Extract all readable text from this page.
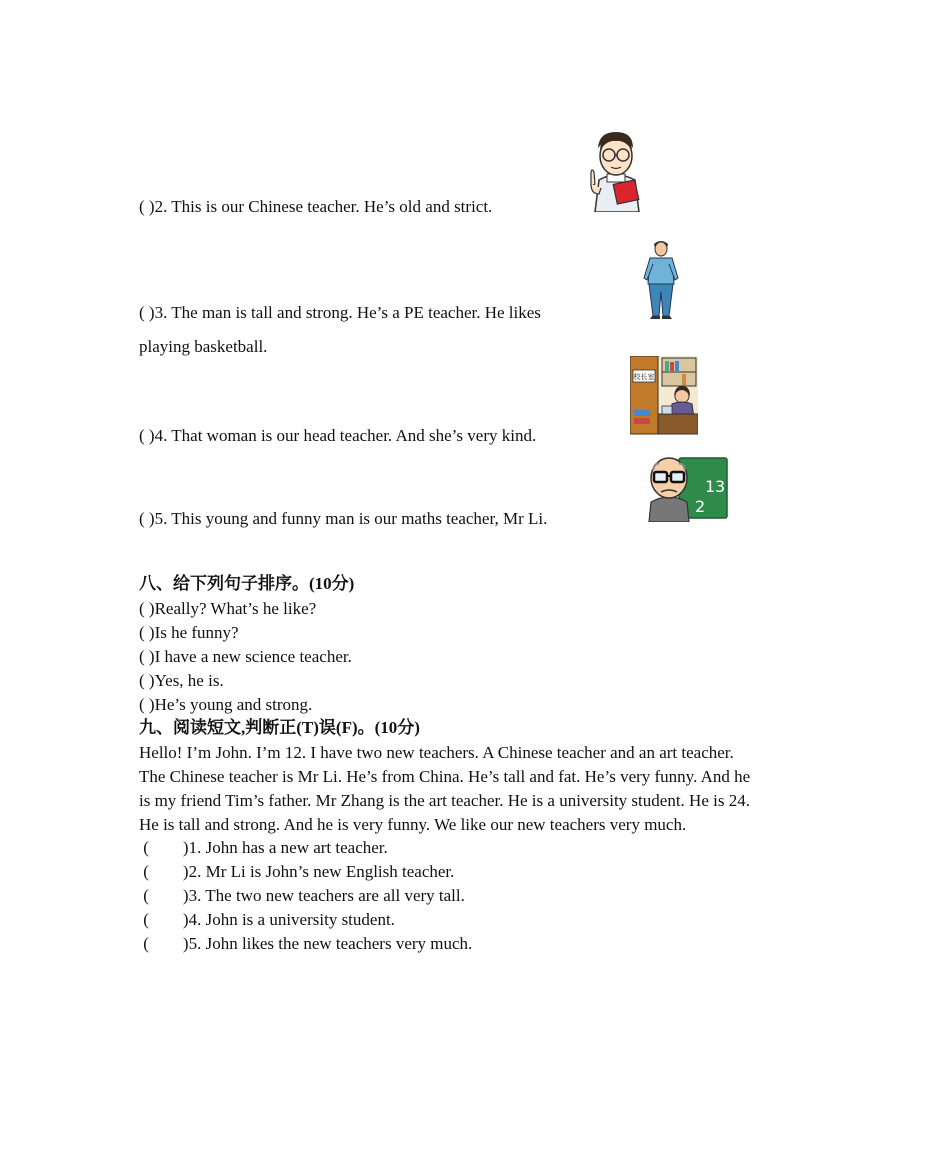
校长室
1 3
2
( )2. This is our Chinese teacher. He’s old and strict.
( )3. The man is tall and strong. He’s a PE teacher. He likes
playing basketball.
( )4. That woman is our head teacher. And she’s very kind.
( )5. This young and funny man is our maths teacher, Mr Li.
八、给下列句子排序。(10分)
( )Really? What’s he like?
( )Is he funny?
( )I have a new science teacher.
( )Yes, he is.
( )He’s young and strong.
九、阅读短文,判断正(T)误(F)。(10分)
Hello! I’m John. I’m 12. I have two new teachers. A Chinese teacher and an art teacher.
The Chinese teacher is Mr Li. He’s from China. He’s tall and fat. He’s very funny. And he
is my friend Tim’s father. Mr Zhang is the art teacher. He is a university student. He is 24.
He is tall and strong. And he is very funny. We like our new teachers very much.
(        )1. John has a new art teacher.
(        )2. Mr Li is John’s new English teacher.
(        )3. The two new teachers are all very tall.
(        )4. John is a university student.
(        )5. John likes the new teachers very much.
